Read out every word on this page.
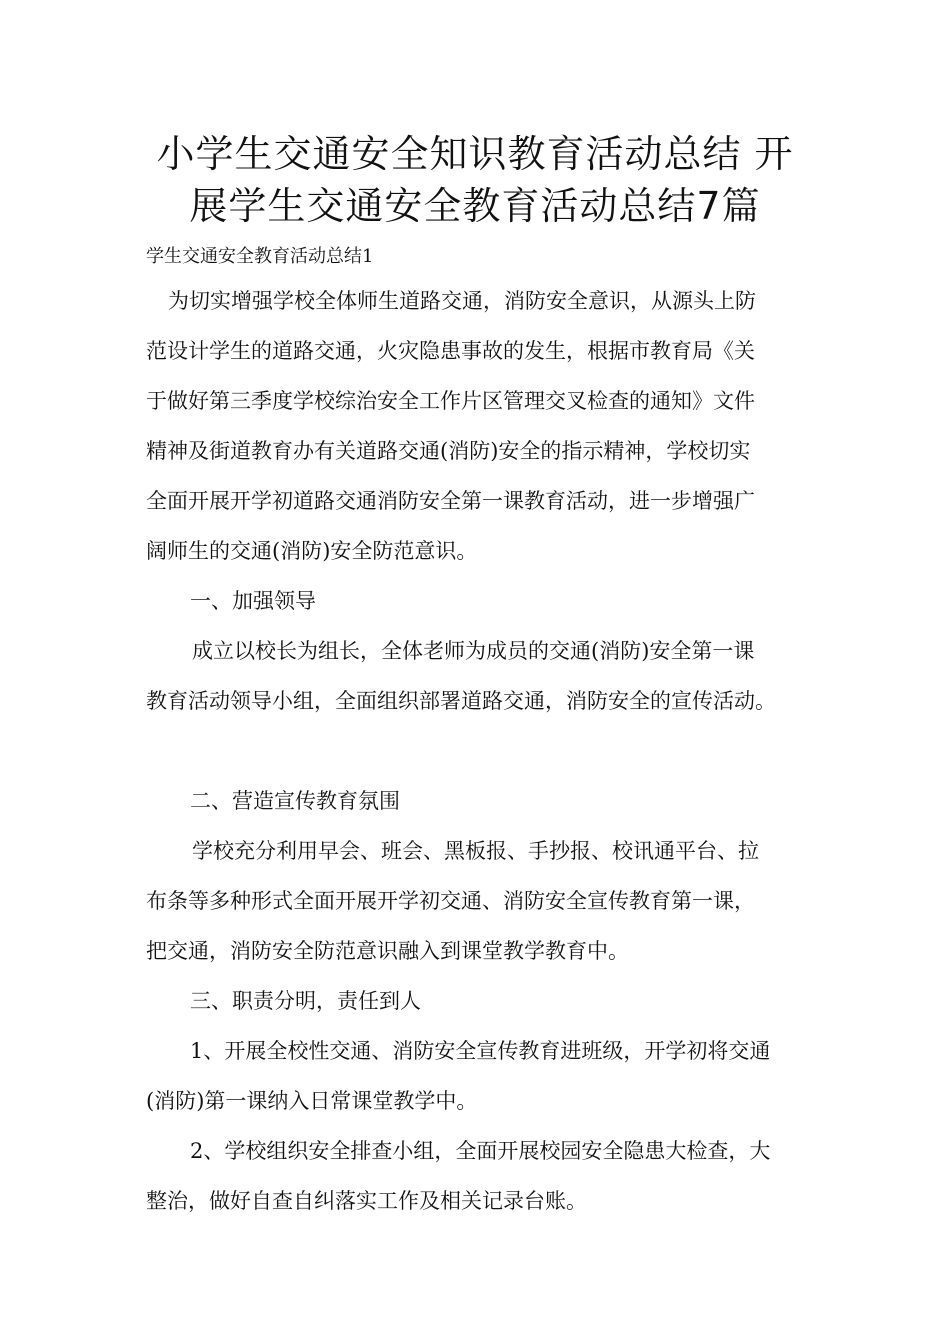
小学生交通安全知识教育活动总结 开
展学生交通安全教育活动总结7篇
学生交通安全教育活动总结1
为切实增强学校全体师生道路交通，消防安全意识，从源头上防
范设计学生的道路交通，火灾隐患事故的发生，根据市教育局《关
于做好第三季度学校综治安全工作片区管理交叉检查的通知》文件
精神及街道教育办有关道路交通(消防)安全的指示精神，学校切实
全面开展开学初道路交通消防安全第一课教育活动，进一步增强广
阔师生的交通(消防)安全防范意识。
一、加强领导
成立以校长为组长，全体老师为成员的交通(消防)安全第一课
教育活动领导小组，全面组织部署道路交通，消防安全的宣传活动。
二、营造宣传教育氛围
学校充分利用早会、班会、黑板报、手抄报、校讯通平台、拉
布条等多种形式全面开展开学初交通、消防安全宣传教育第一课，
把交通，消防安全防范意识融入到课堂教学教育中。
三、职责分明，责任到人
1、开展全校性交通、消防安全宣传教育进班级，开学初将交通
(消防)第一课纳入日常课堂教学中。
2、学校组织安全排查小组，全面开展校园安全隐患大检查，大
整治，做好自查自纠落实工作及相关记录台账。
